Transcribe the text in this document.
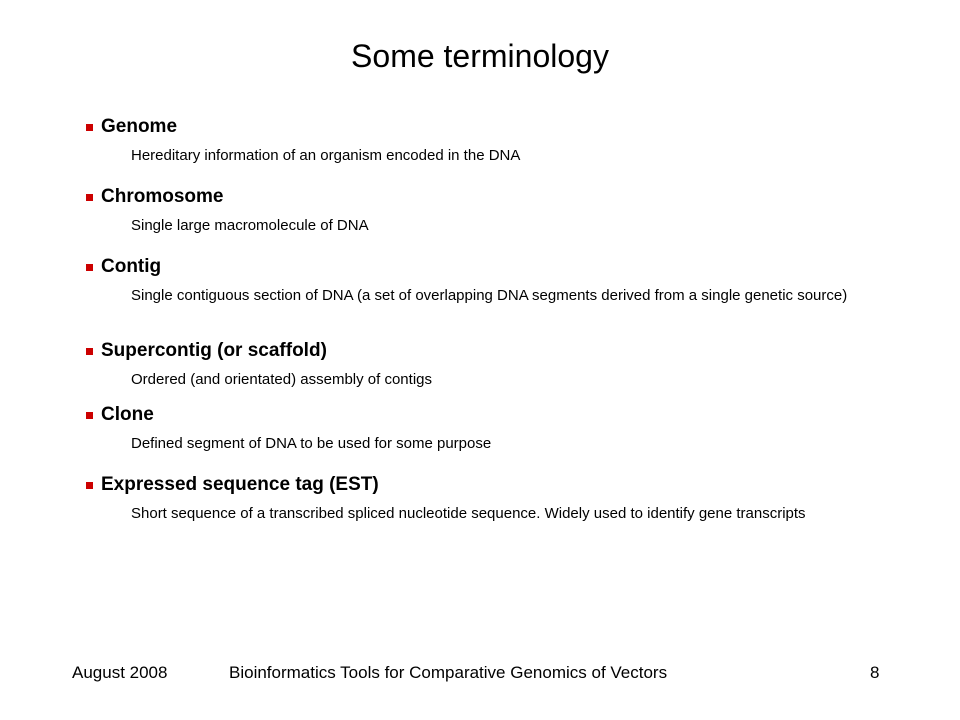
Some terminology
Genome
Hereditary information of an organism encoded in the DNA
Chromosome
Single large macromolecule of DNA
Contig
Single contiguous section of DNA (a set of overlapping DNA segments derived from a single genetic source)
Supercontig (or scaffold)
Ordered (and orientated) assembly of contigs
Clone
Defined segment of DNA to be used for some purpose
Expressed sequence tag (EST)
Short sequence of a transcribed spliced nucleotide sequence. Widely used to identify gene transcripts
August 2008	Bioinformatics Tools for Comparative Genomics of Vectors	8
